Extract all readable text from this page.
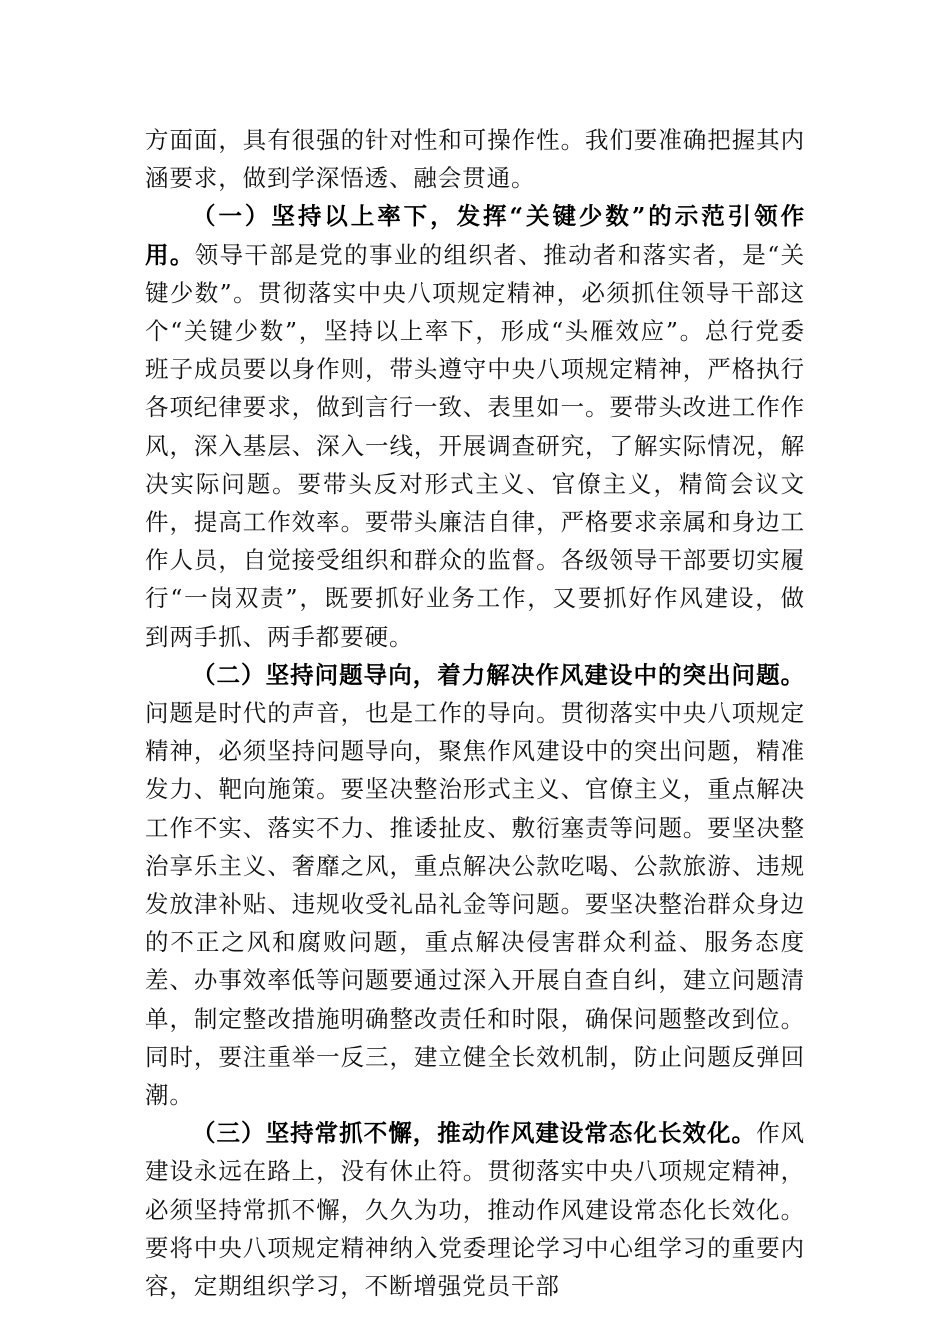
方面面，具有很强的针对性和可操作性。我们要准确把握其内涵要求，做到学深悟透、融会贯通。

（一）坚持以上率下，发挥“关键少数”的示范引领作用。领导干部是党的事业的组织者、推动者和落实者，是“关键少数”。贯彻落实中央八项规定精神，必须抓住领导干部这个“关键少数”，坚持以上率下，形成“头雁效应”。总行党委班子成员要以身作则，带头遵守中央八项规定精神，严格执行各项纪律要求，做到言行一致、表里如一。要带头改进工作作风，深入基层、深入一线，开展调查研究，了解实际情况，解决实际问题。要带头反对形式主义、官僚主义，精简会议文件，提高工作效率。要带头廉洁自律，严格要求亲属和身边工作人员，自觉接受组织和群众的监督。各级领导干部要切实履行“一岗双责”，既要抓好业务工作，又要抓好作风建设，做到两手抓、两手都要硬。

（二）坚持问题导向，着力解决作风建设中的突出问题。问题是时代的声音，也是工作的导向。贯彻落实中央八项规定精神，必须坚持问题导向，聚焦作风建设中的突出问题，精准发力、靶向施策。要坚决整治形式主义、官僚主义，重点解决工作不实、落实不力、推诿扯皮、敷衍塞责等问题。要坚决整治享乐主义、奢靡之风，重点解决公款吃喝、公款旅游、违规发放津补贴、违规收受礼品礼金等问题。要坚决整治群众身边的不正之风和腐败问题，重点解决侵害群众利益、服务态度差、办事效率低等问题要通过深入开展自查自纠，建立问题清单，制定整改措施明确整改责任和时限，确保问题整改到位。同时，要注重举一反三，建立健全长效机制，防止问题反弹回潮。

（三）坚持常抓不懈，推动作风建设常态化长效化。作风建设永远在路上，没有休止符。贯彻落实中央八项规定精神，必须坚持常抓不懈，久久为功，推动作风建设常态化长效化。要将中央八项规定精神纳入党委理论学习中心组学习的重要内容，定期组织学习，不断增强党员干部
